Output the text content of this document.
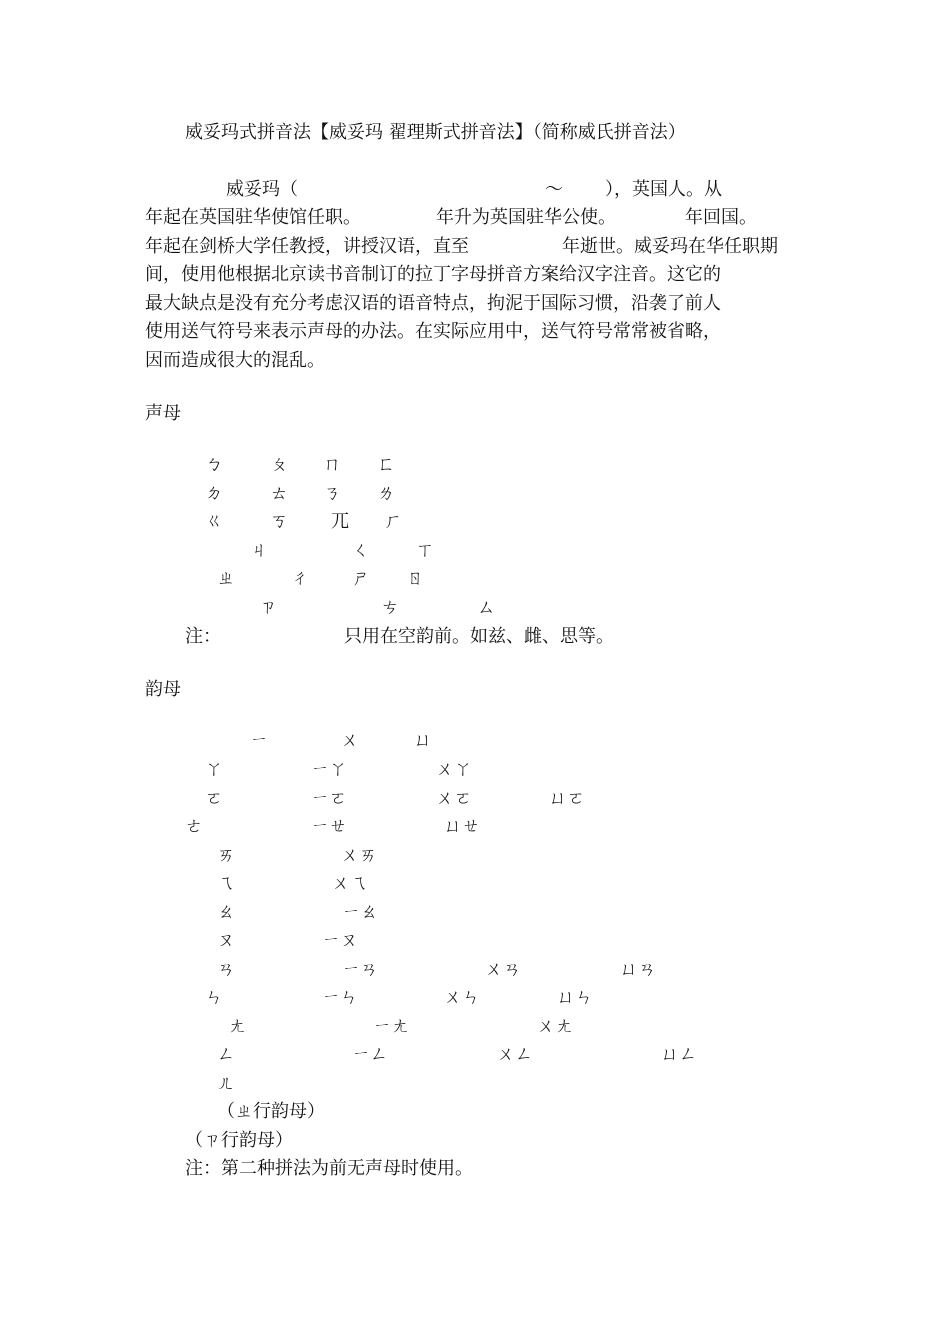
威妥玛式拼音法【威妥玛 翟理斯式拼音法】（简称威氏拼音法）

威妥玛（	～ ），英国人。从

年起在英国驻华使馆任职。	年升为英国驻华公使。	年回国。

年起在剑桥大学任教授，讲授汉语，直至	年逝世。威妥玛在华任职期

间，使用他根据北京读书音制订的拉丁字母拼音方案给汉字注音。这它的

最大缺点是没有充分考虑汉语的语音特点，拘泥于国际习惯，沿袭了前人

使用送气符号来表示声母的办法。在实际应用中，送气符号常常被省略，

因而造成很大的混乱。

声母

ㄅ	ㄆ ㄇ ㄈ

ㄉ	ㄊ ㄋ ㄌ

ㄍ	ㄎ ㄫ ㄏ

ㄐ	ㄑ	ㄒ

ㄓ	ㄔ ㄕ ㄖ

ㄗ	ㄘ	ㄙ

注：	只用在空韵前。如兹、雌、思等。

韵母

ㄧ	ㄨ	ㄩ

ㄚ	ㄧㄚ	ㄨㄚ

ㄛ	ㄧㄛ	ㄨㄛ	ㄩㄛ

ㄜ	ㄧㄝ	ㄩㄝ

ㄞ	ㄨㄞ

ㄟ	ㄨㄟ

ㄠ	ㄧㄠ

ㄡ	ㄧㄡ

ㄢ	ㄧㄢ	ㄨㄢ	ㄩㄢ

ㄣ	ㄧㄣ	ㄨㄣ	ㄩㄣ

ㄤ	ㄧㄤ	ㄨㄤ

ㄥ	ㄧㄥ	ㄨㄥ	ㄩㄥ

ㄦ

（ㄓ行韵母）

（ㄗ行韵母）

注：第二种拼法为前无声母时使用。
